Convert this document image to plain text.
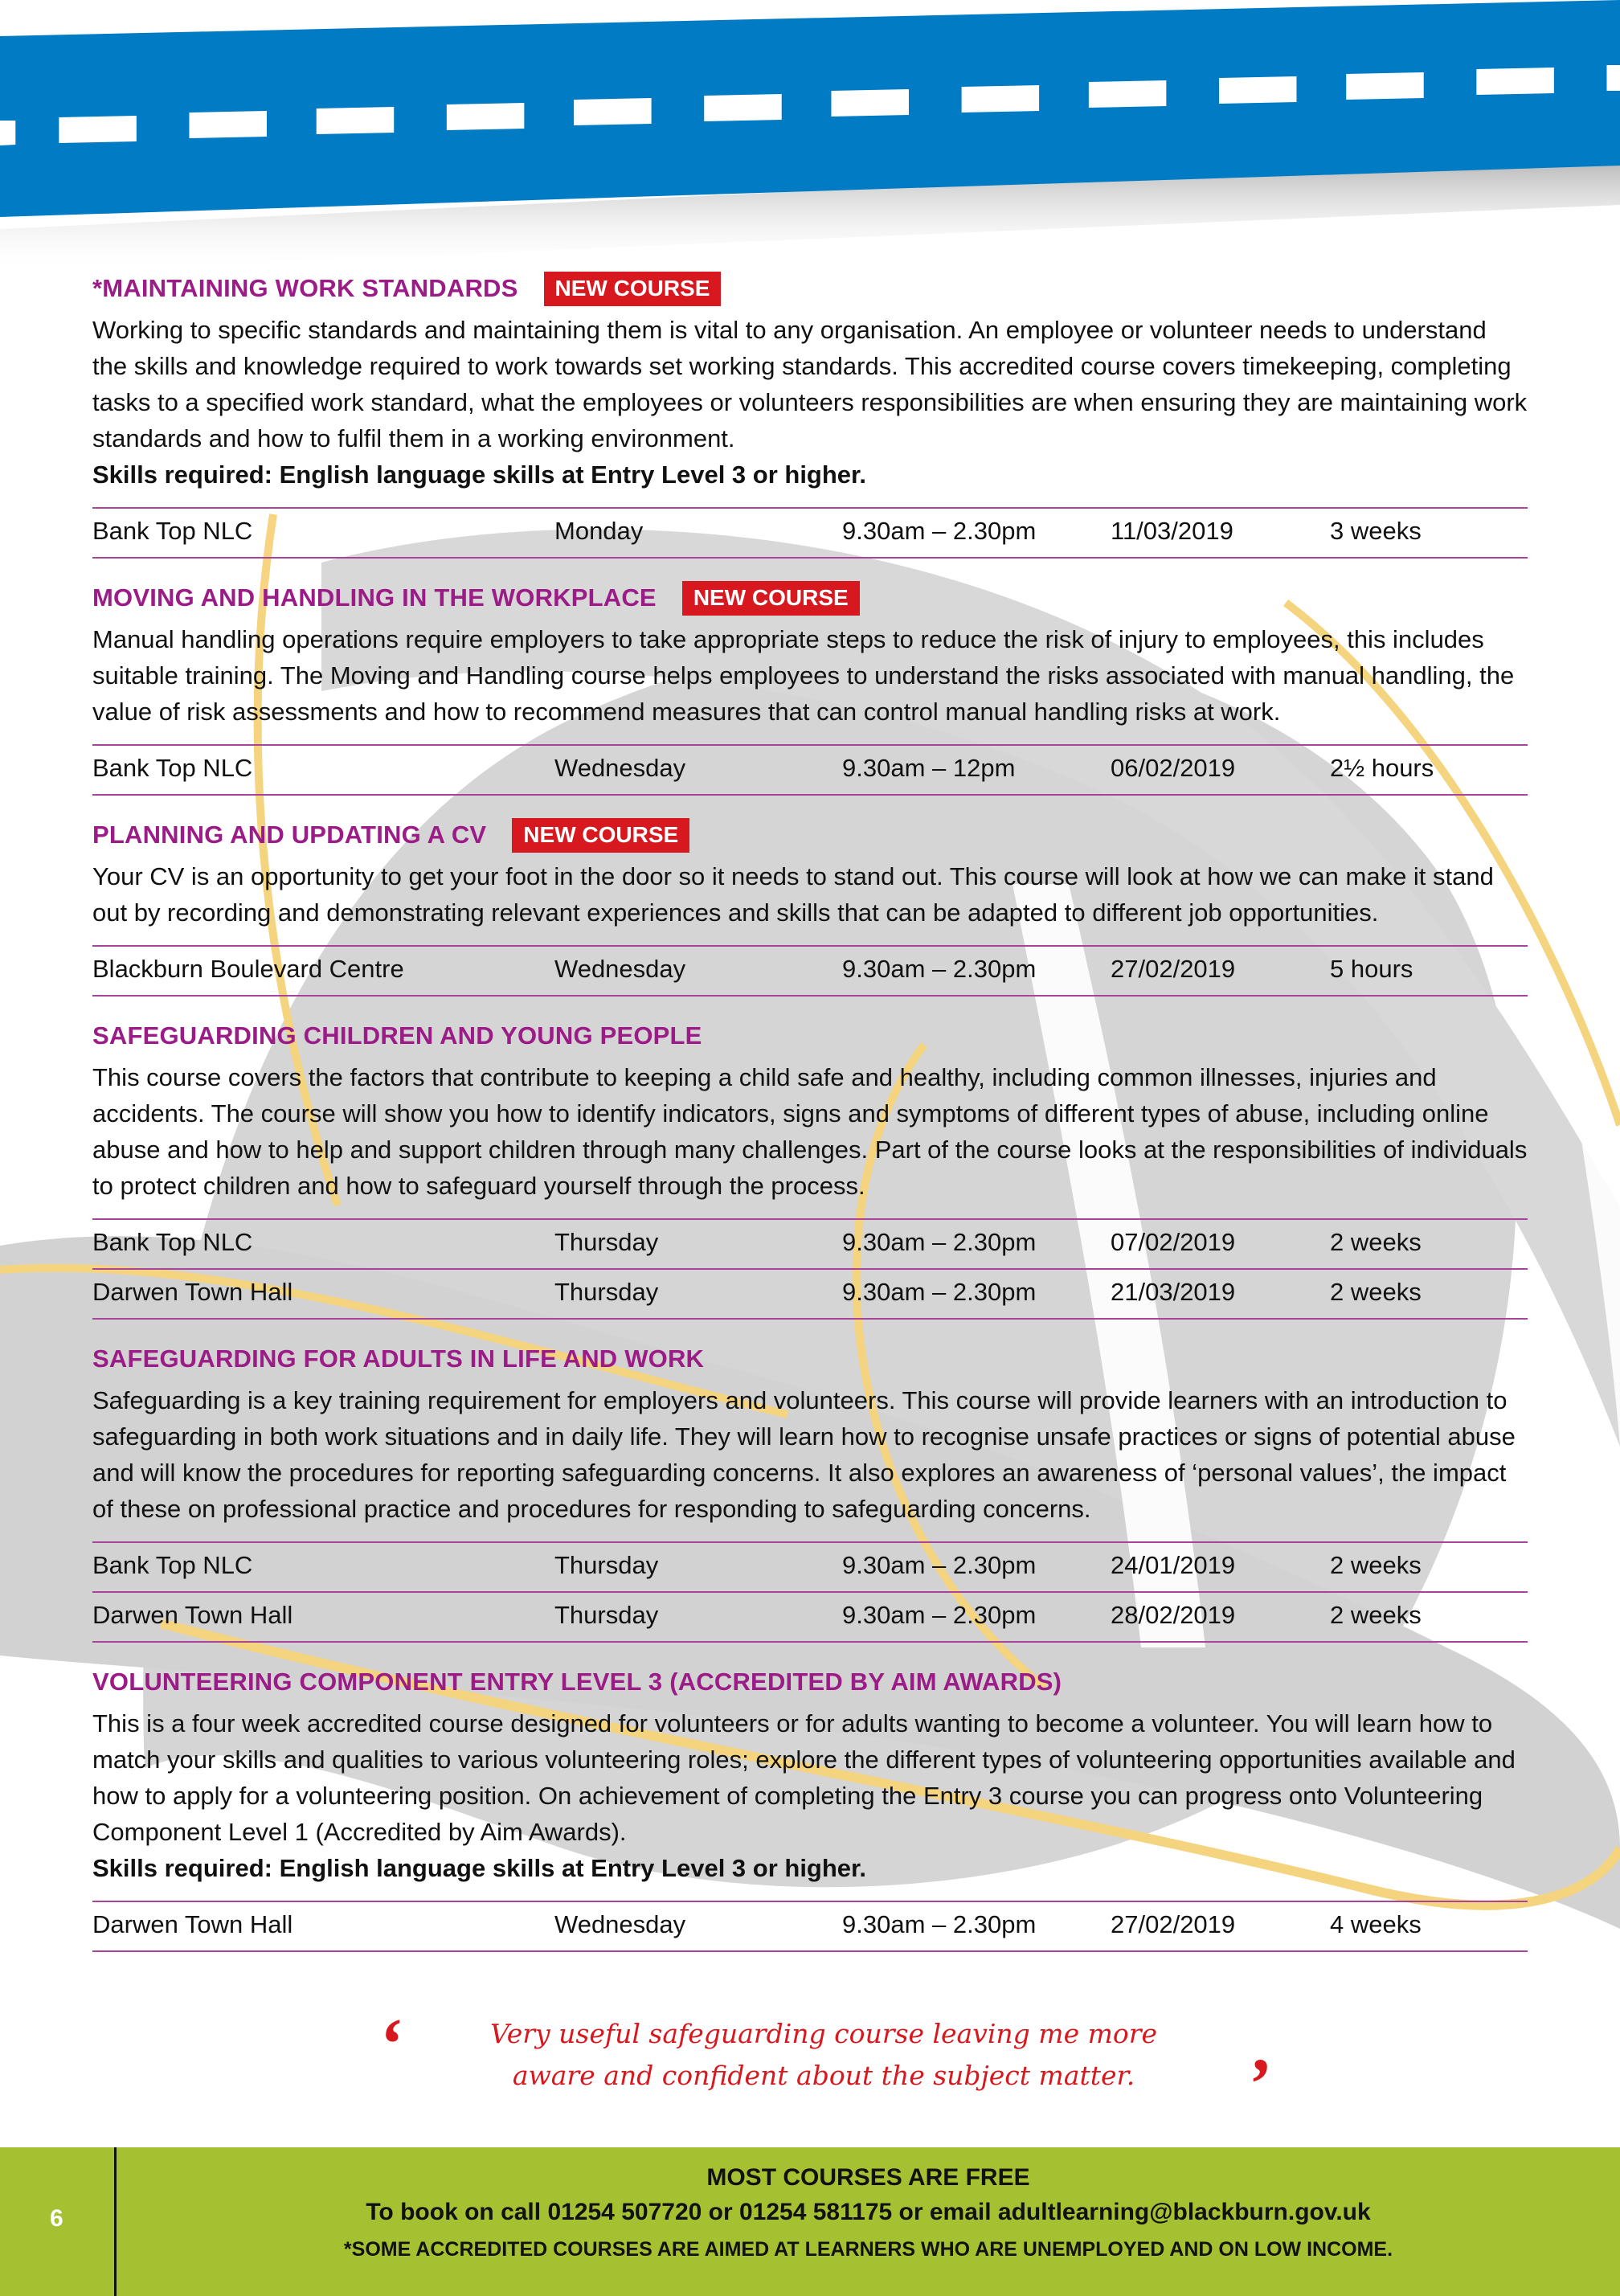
*MAINTAINING WORK STANDARDS	NEW COURSE

Working to specific standards and maintaining them is vital to any organisation. An employee or volunteer needs to understand the skills and knowledge required to work towards set working standards. This accredited course covers timekeeping, completing tasks to a specified work standard, what the employees or volunteers responsibilities are when ensuring they are maintaining work standards and how to fulfil them in a working environment.

Skills required: English language skills at Entry Level 3 or higher.

Bank Top NLC	Monday	9.30am – 2.30pm	11/03/2019	3 weeks
MOVING AND HANDLING IN THE WORKPLACE	NEW COURSE

Manual handling operations require employers to take appropriate steps to reduce the risk of injury to employees, this includes suitable training. The Moving and Handling course helps employees to understand the risks associated with manual handling, the value of risk assessments and how to recommend measures that can control manual handling risks at work.

Bank Top NLC	Wednesday	9.30am – 12pm	06/02/2019	2½ hours
PLANNING AND UPDATING A CV	NEW COURSE

Your CV is an opportunity to get your foot in the door so it needs to stand out. This course will look at how we can make it stand out by recording and demonstrating relevant experiences and skills that can be adapted to different job opportunities.

Blackburn Boulevard Centre	Wednesday	9.30am – 2.30pm	27/02/2019	5 hours
SAFEGUARDING CHILDREN AND YOUNG PEOPLE

This course covers the factors that contribute to keeping a child safe and healthy, including common illnesses, injuries and accidents. The course will show you how to identify indicators, signs and symptoms of different types of abuse, including online abuse and how to help and support children through many challenges. Part of the course looks at the responsibilities of individuals to protect children and how to safeguard yourself through the process.

Bank Top NLC	Thursday	9.30am – 2.30pm	07/02/2019	2 weeks
Darwen Town Hall	Thursday	9.30am – 2.30pm	21/03/2019	2 weeks
SAFEGUARDING FOR ADULTS IN LIFE AND WORK

Safeguarding is a key training requirement for employers and volunteers. This course will provide learners with an introduction to safeguarding in both work situations and in daily life. They will learn how to recognise unsafe practices or signs of potential abuse and will know the procedures for reporting safeguarding concerns. It also explores an awareness of ‘personal values’, the impact of these on professional practice and procedures for responding to safeguarding concerns.

Bank Top NLC	Thursday	9.30am – 2.30pm	24/01/2019	2 weeks
Darwen Town Hall	Thursday	9.30am – 2.30pm	28/02/2019	2 weeks
VOLUNTEERING COMPONENT ENTRY LEVEL 3 (ACCREDITED BY AIM AWARDS)

This is a four week accredited course designed for volunteers or for adults wanting to become a volunteer. You will learn how to match your skills and qualities to various volunteering roles; explore the different types of volunteering opportunities available and how to apply for a volunteering position. On achievement of completing the Entry 3 course you can progress onto Volunteering Component Level 1 (Accredited by Aim Awards).

Skills required: English language skills at Entry Level 3 or higher.

Darwen Town Hall	Wednesday	9.30am – 2.30pm	27/02/2019	4 weeks
‘	Very useful safeguarding course leaving me more
aware and confident about the subject matter.	’
6
MOST COURSES ARE FREE
To book on call 01254 507720 or 01254 581175 or email adultlearning@blackburn.gov.uk
*SOME ACCREDITED COURSES ARE AIMED AT LEARNERS WHO ARE UNEMPLOYED AND ON LOW INCOME.
